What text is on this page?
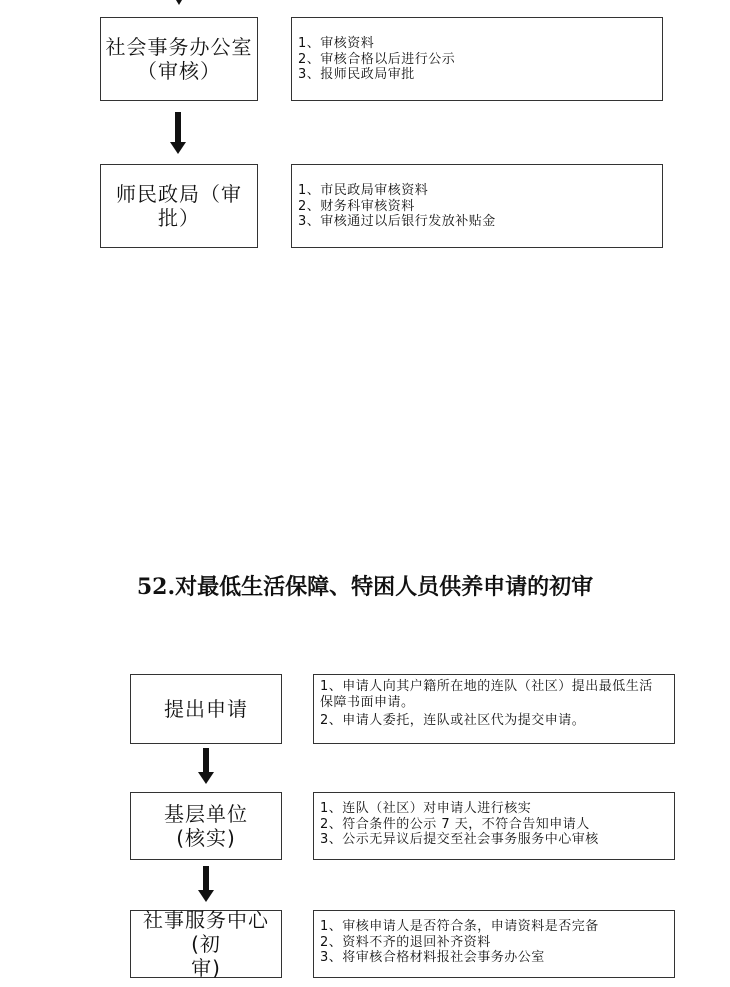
社会事务办公室
（审核）
1、审核资料
2、审核合格以后进行公示
3、报师民政局审批
师民政局（审批）
1、市民政局审核资料
2、财务科审核资料
3、审核通过以后银行发放补贴金
52.对最低生活保障、特困人员供养申请的初审
提出申请
1、申请人向其户籍所在地的连队（社区）提出最低生活
保障书面申请。
2、申请人委托，连队或社区代为提交申请。
基层单位
(核实)
1、连队（社区）对申请人进行核实
2、符合条件的公示 7 天，不符合告知申请人
3、公示无异议后提交至社会事务服务中心审核
社事服务中心(初
审)
1、审核申请人是否符合条，申请资料是否完备
2、资料不齐的退回补齐资料
3、将审核合格材料报社会事务办公室
